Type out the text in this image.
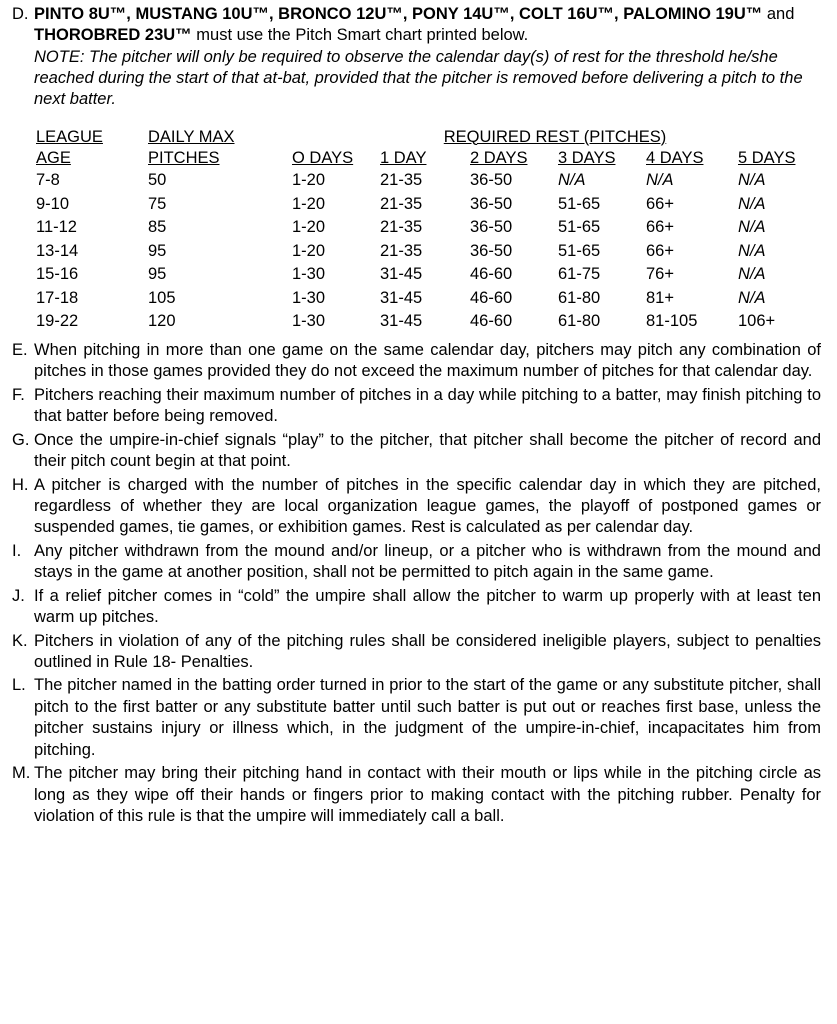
D. PINTO 8U™, MUSTANG 10U™, BRONCO 12U™, PONY 14U™, COLT 16U™, PALOMINO 19U™ and THOROBRED 23U™ must use the Pitch Smart chart printed below.
NOTE: The pitcher will only be required to observe the calendar day(s) of rest for the threshold he/she reached during the start of that at-bat, provided that the pitcher is removed before delivering a pitch to the next batter.
LEAGUE	DAILY MAX	REQUIRED REST (PITCHES)					
AGE	PITCHES	O DAYS	1 DAY	2 DAYS	3 DAYS	4 DAYS	5 DAYS
7-8	50	1-20	21-35	36-50	N/A	N/A	N/A
9-10	75	1-20	21-35	36-50	51-65	66+	N/A
11-12	85	1-20	21-35	36-50	51-65	66+	N/A
13-14	95	1-20	21-35	36-50	51-65	66+	N/A
15-16	95	1-30	31-45	46-60	61-75	76+	N/A
17-18	105	1-30	31-45	46-60	61-80	81+	N/A
19-22	120	1-30	31-45	46-60	61-80	81-105	106+
E. When pitching in more than one game on the same calendar day, pitchers may pitch any combination of pitches in those games provided they do not exceed the maximum number of pitches for that calendar day.
F. Pitchers reaching their maximum number of pitches in a day while pitching to a batter, may finish pitching to that batter before being removed.
G. Once the umpire-in-chief signals “play” to the pitcher, that pitcher shall become the pitcher of record and their pitch count begin at that point.
H. A pitcher is charged with the number of pitches in the specific calendar day in which they are pitched, regardless of whether they are local organization league games, the playoff of postponed games or suspended games, tie games, or exhibition games. Rest is calculated as per calendar day.
I. Any pitcher withdrawn from the mound and/or lineup, or a pitcher who is withdrawn from the mound and stays in the game at another position, shall not be permitted to pitch again in the same game.
J. If a relief pitcher comes in “cold” the umpire shall allow the pitcher to warm up properly with at least ten warm up pitches.
K. Pitchers in violation of any of the pitching rules shall be considered ineligible players, subject to penalties outlined in Rule 18- Penalties.
L. The pitcher named in the batting order turned in prior to the start of the game or any substitute pitcher, shall pitch to the first batter or any substitute batter until such batter is put out or reaches first base, unless the pitcher sustains injury or illness which, in the judgment of the umpire-in-chief, incapacitates him from pitching.
M. The pitcher may bring their pitching hand in contact with their mouth or lips while in the pitching circle as long as they wipe off their hands or fingers prior to making contact with the pitching rubber. Penalty for violation of this rule is that the umpire will immediately call a ball.
